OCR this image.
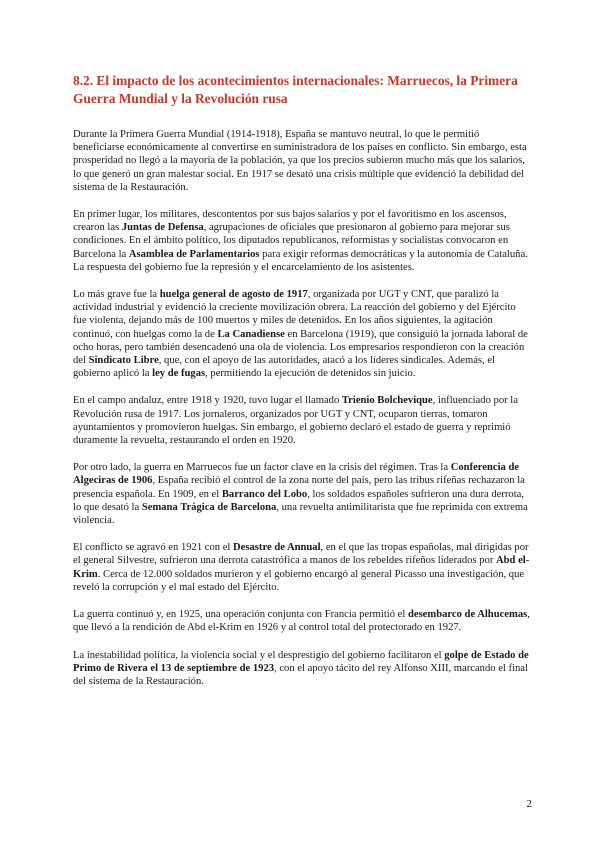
8.2. El impacto de los acontecimientos internacionales: Marruecos, la Primera Guerra Mundial y la Revolución rusa

Durante la Primera Guerra Mundial (1914-1918), España se mantuvo neutral, lo que le permitió beneficiarse económicamente al convertirse en suministradora de los países en conflicto. Sin embargo, esta prosperidad no llegó a la mayoría de la población, ya que los precios subieron mucho más que los salarios, lo que generó un gran malestar social. En 1917 se desató una crisis múltiple que evidenció la debilidad del sistema de la Restauración.

En primer lugar, los militares, descontentos por sus bajos salarios y por el favoritismo en los ascensos, crearon las Juntas de Defensa, agrupaciones de oficiales que presionaron al gobierno para mejorar sus condiciones. En el ámbito político, los diputados republicanos, reformistas y socialistas convocaron en Barcelona la Asamblea de Parlamentarios para exigir reformas democráticas y la autonomía de Cataluña. La respuesta del gobierno fue la represión y el encarcelamiento de los asistentes.

Lo más grave fue la huelga general de agosto de 1917, organizada por UGT y CNT, que paralizó la actividad industrial y evidenció la creciente movilización obrera. La reacción del gobierno y del Ejército fue violenta, dejando más de 100 muertos y miles de detenidos. En los años siguientes, la agitación continuó, con huelgas como la de La Canadiense en Barcelona (1919), que consiguió la jornada laboral de ocho horas, pero también desencadenó una ola de violencia. Los empresarios respondieron con la creación del Sindicato Libre, que, con el apoyo de las autoridades, atacó a los líderes sindicales. Además, el gobierno aplicó la ley de fugas, permitiendo la ejecución de detenidos sin juicio.

En el campo andaluz, entre 1918 y 1920, tuvo lugar el llamado Trienio Bolchevique, influenciado por la Revolución rusa de 1917. Los jornaleros, organizados por UGT y CNT, ocuparon tierras, tomaron ayuntamientos y promovieron huelgas. Sin embargo, el gobierno declaró el estado de guerra y reprimió duramente la revuelta, restaurando el orden en 1920.

Por otro lado, la guerra en Marruecos fue un factor clave en la crisis del régimen. Tras la Conferencia de Algeciras de 1906, España recibió el control de la zona norte del país, pero las tribus rifeñas rechazaron la presencia española. En 1909, en el Barranco del Lobo, los soldados españoles sufrieron una dura derrota, lo que desató la Semana Trágica de Barcelona, una revuelta antimilitarista que fue reprimida con extrema violencia.

El conflicto se agravó en 1921 con el Desastre de Annual, en el que las tropas españolas, mal dirigidas por el general Silvestre, sufrieron una derrota catastrófica a manos de los rebeldes rifeños liderados por Abd el-Krim. Cerca de 12.000 soldados murieron y el gobierno encargó al general Picasso una investigación, que reveló la corrupción y el mal estado del Ejército.

La guerra continuó y, en 1925, una operación conjunta con Francia permitió el desembarco de Alhucemas, que llevó a la rendición de Abd el-Krim en 1926 y al control total del protectorado en 1927.

La inestabilidad política, la violencia social y el desprestigio del gobierno facilitaron el golpe de Estado de Primo de Rivera el 13 de septiembre de 1923, con el apoyo tácito del rey Alfonso XIII, marcando el final del sistema de la Restauración.

2
